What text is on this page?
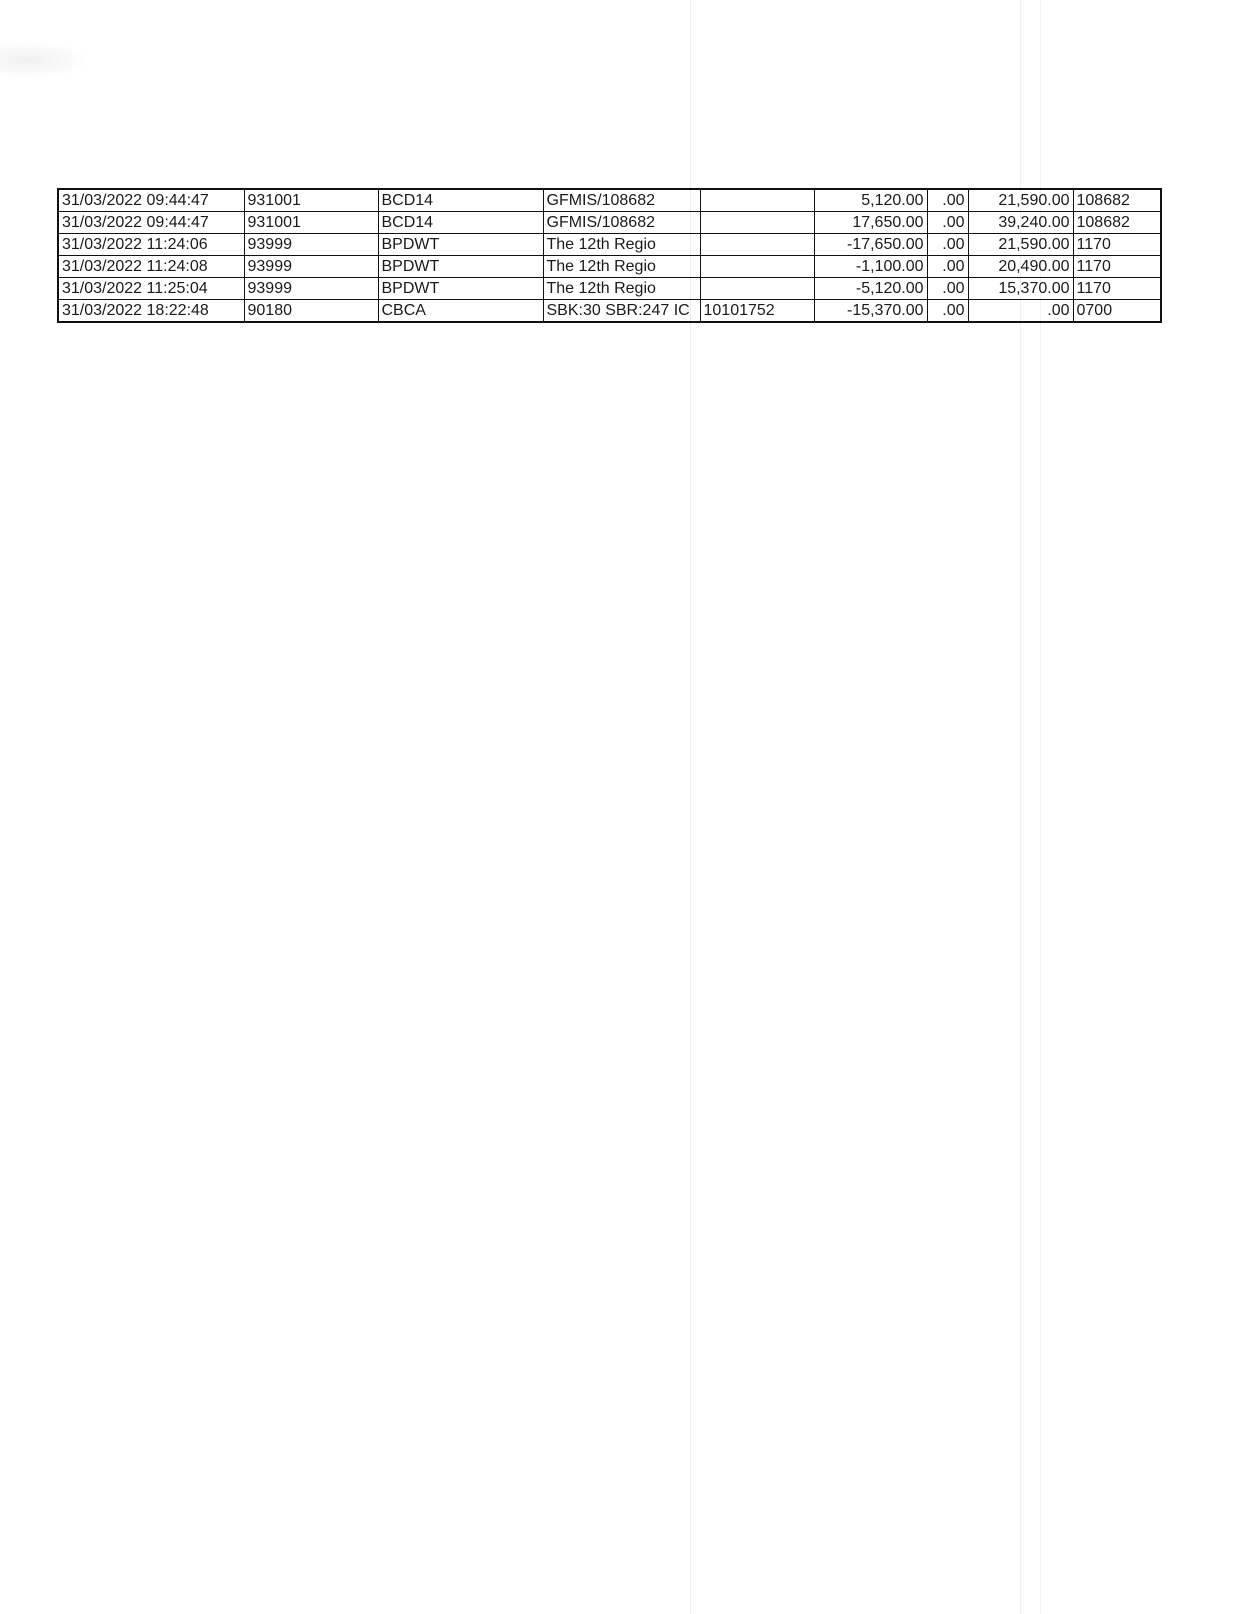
31/03/2022 09:44:47	931001	BCD14	GFMIS/108682		5,120.00	.00	21,590.00	108682
31/03/2022 09:44:47	931001	BCD14	GFMIS/108682		17,650.00	.00	39,240.00	108682
31/03/2022 11:24:06	93999	BPDWT	The 12th Regio		-17,650.00	.00	21,590.00	1170
31/03/2022 11:24:08	93999	BPDWT	The 12th Regio		-1,100.00	.00	20,490.00	1170
31/03/2022 11:25:04	93999	BPDWT	The 12th Regio		-5,120.00	.00	15,370.00	1170
31/03/2022 18:22:48	90180	CBCA	SBK:30 SBR:247 IC	10101752	-15,370.00	.00	.00	0700
